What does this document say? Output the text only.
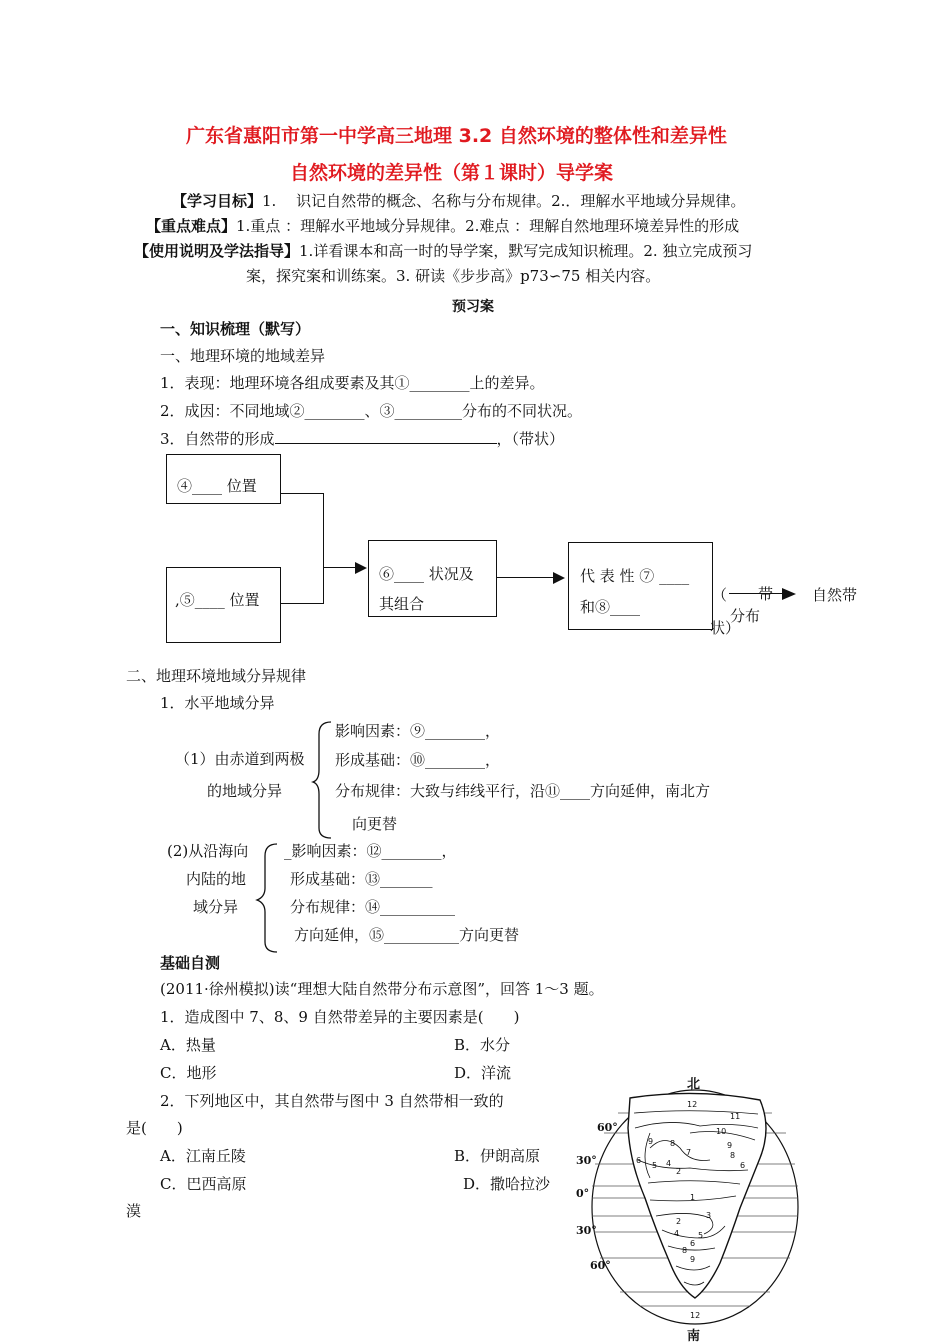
广东省惠阳市第一中学高三地理 3.2 自然环境的整体性和差异性
自然环境的差异性（第１课时）导学案
【学习目标】1.　 识记自然带的概念、名称与分布规律。2.．理解水平地域分异规律。
【重点难点】1.重点 ：理解水平地域分异规律。2.难点 ：理解自然地理环境差异性的形成
【使用说明及学法指导】1.详看课本和高一时的导学案，默写完成知识梳理。2. 独立完成预习
案，探究案和训练案。3. 研读《步步高》p73∽75 相关内容。
预习案
一、知识梳理（默写）
一、地理环境的地域差异
1．表现：地理环境各组成要素及其①________上的差异。
2．成因：不同地域②________、③_________分布的不同状况。
3．自然带的形成	，（带状）
④____ 位置
,⑤____ 位置
⑥____ 状况及
其组合
代 表 性 ⑦ ____
和⑧____
（ 带
分布
状）
自然带
二、地理环境地域分异规律
1．水平地域分异
（1）由赤道到两极
的地域分异
影响因素：⑨________，
形成基础：⑩________，
分布规律：大致与纬线平行，沿⑪____方向延伸，南北方
向更替
(2)从沿海向
内陆的地
域分异
_影响因素：⑫________，
形成基础：⑬_______
分布规律：⑭__________
方向延伸，⑮__________方向更替
基础自测
(2011·徐州模拟)读“理想大陆自然带分布示意图”，回答 1～3 题。
1．造成图中 7、8、9 自然带差异的主要因素是(　　)
A．热量	B．水分
C．地形	D．洋流
2．下列地区中，其自然带与图中 3 自然带相一致的
是(　　)
A．江南丘陵	B．伊朗高原
C．巴西高原	D．撒哈拉沙
漠
北
南
60°
30°
0°
30°
60°
12
11
10
9	9
8
8
7
6
6
5 4
3
2
1
2
4 5
6
8
9
12
